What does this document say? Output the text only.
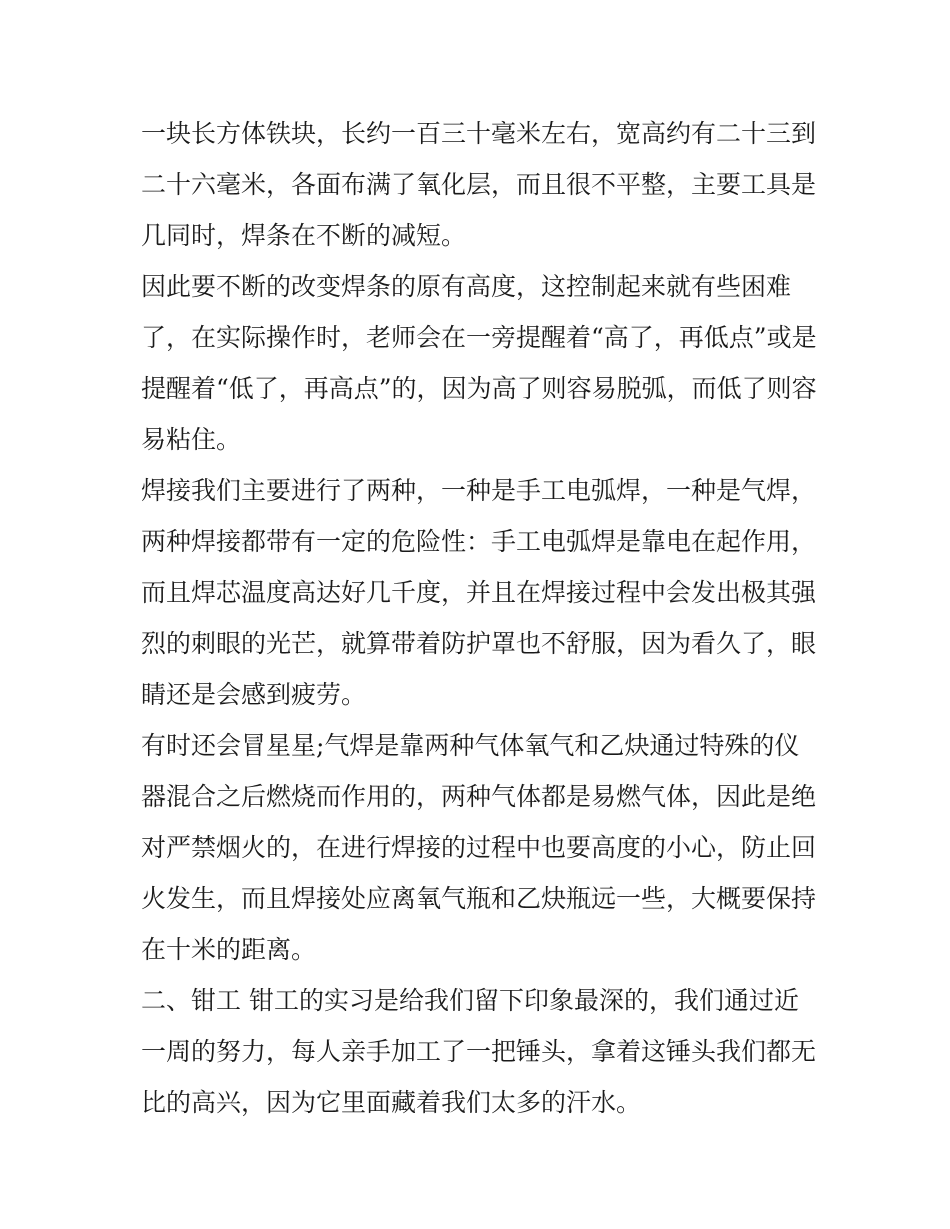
一块长方体铁块，长约一百三十毫米左右，宽高约有二十三到
二十六毫米，各面布满了氧化层，而且很不平整，主要工具是
几同时，焊条在不断的减短。
因此要不断的改变焊条的原有高度，这控制起来就有些困难
了，在实际操作时，老师会在一旁提醒着“高了，再低点”或是
提醒着“低了，再高点”的，因为高了则容易脱弧，而低了则容
易粘住。
焊接我们主要进行了两种，一种是手工电弧焊，一种是气焊，
两种焊接都带有一定的危险性：手工电弧焊是靠电在起作用，
而且焊芯温度高达好几千度，并且在焊接过程中会发出极其强
烈的刺眼的光芒，就算带着防护罩也不舒服，因为看久了，眼
睛还是会感到疲劳。
有时还会冒星星;气焊是靠两种气体氧气和乙炔通过特殊的仪
器混合之后燃烧而作用的，两种气体都是易燃气体，因此是绝
对严禁烟火的，在进行焊接的过程中也要高度的小心，防止回
火发生，而且焊接处应离氧气瓶和乙炔瓶远一些，大概要保持
在十米的距离。
二、钳工 钳工的实习是给我们留下印象最深的，我们通过近
一周的努力，每人亲手加工了一把锤头，拿着这锤头我们都无
比的高兴，因为它里面藏着我们太多的汗水。
